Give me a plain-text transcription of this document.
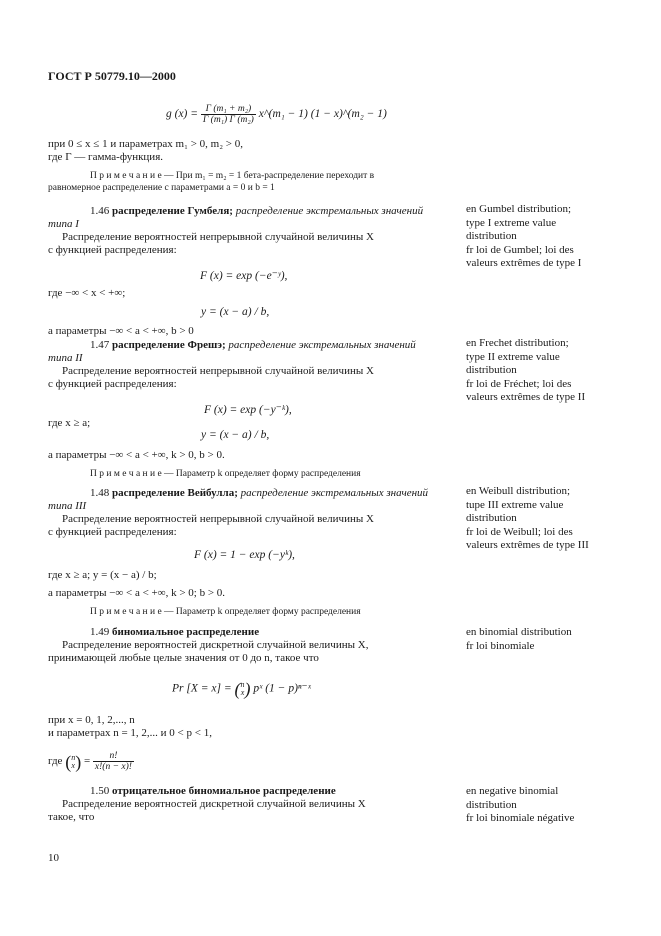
ГОСТ Р 50779.10—2000
g $(x) = \frac{\text{Γ (m₁ + m₂)}}{\text{Γ (m₁) Γ (m₂)}}$ x^(m₁ − 1) (1 − x)^(m₂ − 1)
при 0 ≤ x ≤ 1 и параметрах m₁ > 0, m₂ > 0,
где Γ — гамма-функция.
П р и м е ч а н и е — При m₁ = m₂ = 1 бета-распределение переходит в
равномерное распределение с параметрами a = 0 и b = 1
1.46 распределение Гумбеля; распределение экстремальных значений
типа I
Распределение вероятностей непрерывной случайной величины X
с функцией распределения:
F (x) = exp (−e⁻ʸ),
где −∞ < x < +∞;
y = (x − a) / b,
а параметры −∞ < a < +∞, b > 0
en Gumbel distribution;
type I extreme value
distribution
fr loi de Gumbel; loi des
valeurs extrêmes de type I
1.47 распределение Фрешэ; распределение экстремальных значений
типа II
Распределение вероятностей непрерывной случайной величины X
с функцией распределения:
F (x) = exp (−y⁻ᵏ),
где x ≥ a;
y = (x − a) / b,
а параметры −∞ < a < +∞, k > 0, b > 0.
П р и м е ч а н и е — Параметр k определяет форму распределения
en Frechet distribution;
type II extreme value
distribution
fr loi de Fréchet; loi des
valeurs extrêmes de type II
1.48 распределение Вейбулла; распределение экстремальных значений
типа III
Распределение вероятностей непрерывной случайной величины X
с функцией распределения:
F (x) = 1 − exp (−yᵏ),
где x ≥ a; y = (x − a) / b;
а параметры −∞ < a < +∞, k > 0; b > 0.
П р и м е ч а н и е — Параметр k определяет форму распределения
en Weibull distribution;
tupe III extreme value
distribution
fr loi de Weibull; loi des
valeurs extrêmes de type III
1.49 биномиальное распределение
Распределение вероятностей дискретной случайной величины X,
принимающей любые целые значения от 0 до n, такое что
Pr [X = x] = ( n
x ) pˣ (1 − p)ⁿ⁻ˣ
при x = 0, 1, 2,..., n
и параметрах n = 1, 2,... и 0 < p < 1,
где ( n
x ) = $\frac{n!}{x!(n - x)!}$
en binomial distribution
fr loi binomiale
1.50 отрицательное биномиальное распределение
Распределение вероятностей дискретной случайной величины X
такое, что
en negative binomial
distribution
fr loi binomiale négative
10
